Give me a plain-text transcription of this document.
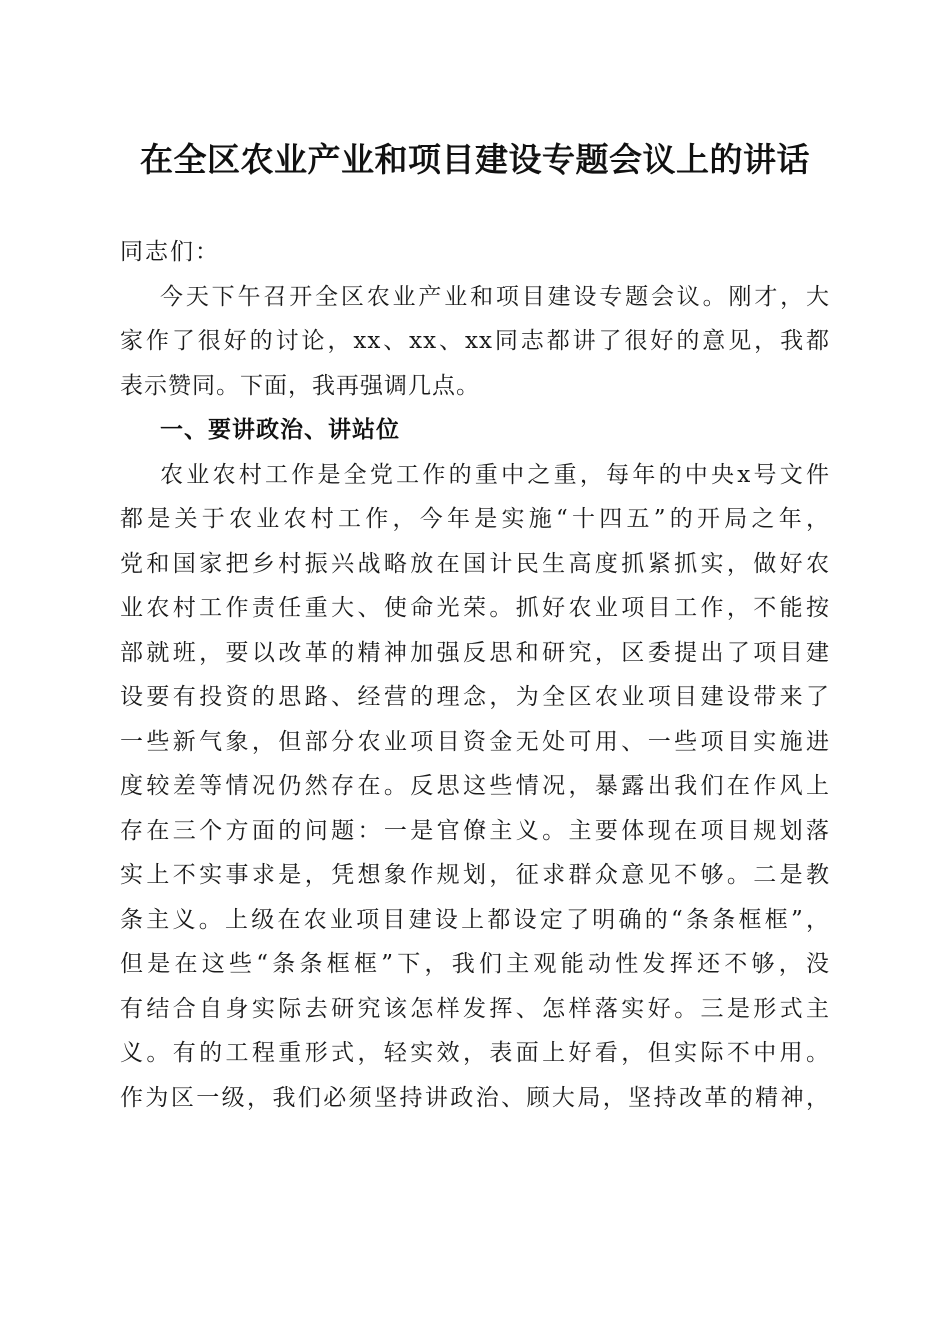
在全区农业产业和项目建设专题会议上的讲话
同志们：
今天下午召开全区农业产业和项目建设专题会议。刚才，大
家作了很好的讨论，xx、xx、xx同志都讲了很好的意见，我都
表示赞同。下面，我再强调几点。
一、要讲政治、讲站位
农业农村工作是全党工作的重中之重，每年的中央x号文件
都是关于农业农村工作，今年是实施“十四五”的开局之年，
党和国家把乡村振兴战略放在国计民生高度抓紧抓实，做好农
业农村工作责任重大、使命光荣。抓好农业项目工作，不能按
部就班，要以改革的精神加强反思和研究，区委提出了项目建
设要有投资的思路、经营的理念，为全区农业项目建设带来了
一些新气象，但部分农业项目资金无处可用、一些项目实施进
度较差等情况仍然存在。反思这些情况，暴露出我们在作风上
存在三个方面的问题：一是官僚主义。主要体现在项目规划落
实上不实事求是，凭想象作规划，征求群众意见不够。二是教
条主义。上级在农业项目建设上都设定了明确的“条条框框”，
但是在这些“条条框框”下，我们主观能动性发挥还不够，没
有结合自身实际去研究该怎样发挥、怎样落实好。三是形式主
义。有的工程重形式，轻实效，表面上好看，但实际不中用。
作为区一级，我们必须坚持讲政治、顾大局，坚持改革的精神，
